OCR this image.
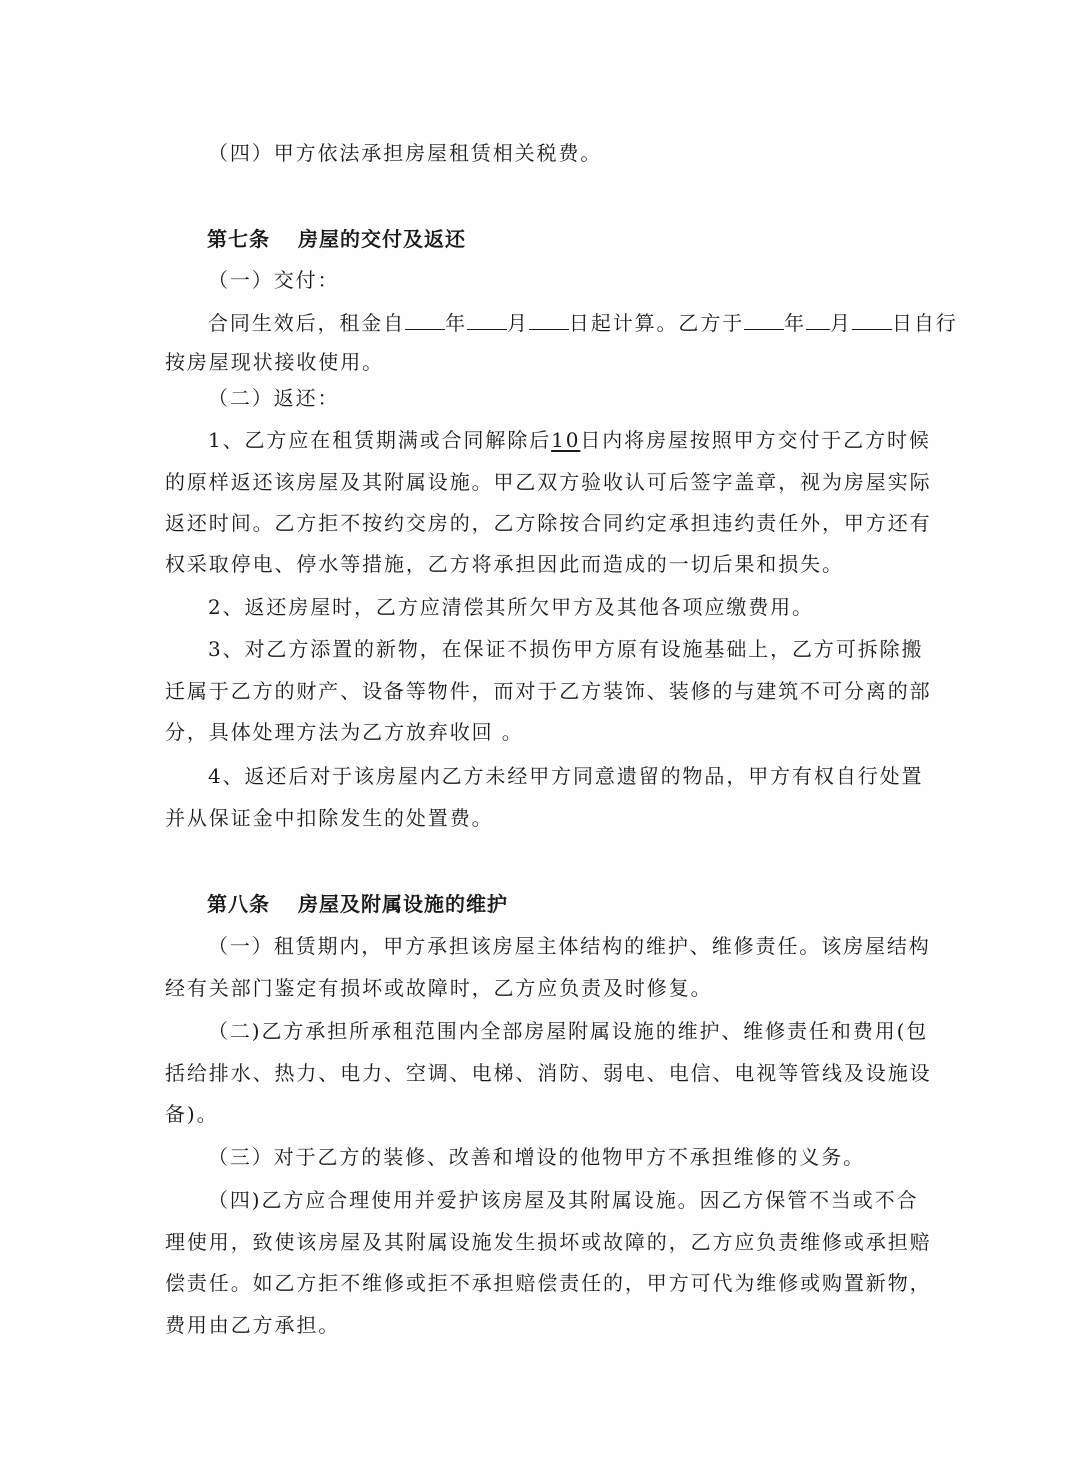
（四）甲方依法承担房屋租赁相关税费。
第七条 房屋的交付及返还
（一）交付：
合同生效后，租金自 年 月 日起计算。乙方于 年 月 日自行
按房屋现状接收使用。
（二）返还：
1、乙方应在租赁期满或合同解除后10日内将房屋按照甲方交付于乙方时候
的原样返还该房屋及其附属设施。甲乙双方验收认可后签字盖章，视为房屋实际
返还时间。乙方拒不按约交房的，乙方除按合同约定承担违约责任外，甲方还有
权采取停电、停水等措施，乙方将承担因此而造成的一切后果和损失。
2、返还房屋时，乙方应清偿其所欠甲方及其他各项应缴费用。
3、对乙方添置的新物，在保证不损伤甲方原有设施基础上，乙方可拆除搬
迁属于乙方的财产、设备等物件，而对于乙方装饰、装修的与建筑不可分离的部
分，具体处理方法为乙方放弃收回 。
4、返还后对于该房屋内乙方未经甲方同意遗留的物品，甲方有权自行处置
并从保证金中扣除发生的处置费。
第八条 房屋及附属设施的维护
（一）租赁期内，甲方承担该房屋主体结构的维护、维修责任。该房屋结构
经有关部门鉴定有损坏或故障时，乙方应负责及时修复。
（二)乙方承担所承租范围内全部房屋附属设施的维护、维修责任和费用(包
括给排水、热力、电力、空调、电梯、消防、弱电、电信、电视等管线及设施设
备)。
（三）对于乙方的装修、改善和增设的他物甲方不承担维修的义务。
（四)乙方应合理使用并爱护该房屋及其附属设施。因乙方保管不当或不合
理使用，致使该房屋及其附属设施发生损坏或故障的，乙方应负责维修或承担赔
偿责任。如乙方拒不维修或拒不承担赔偿责任的，甲方可代为维修或购置新物，
费用由乙方承担。
